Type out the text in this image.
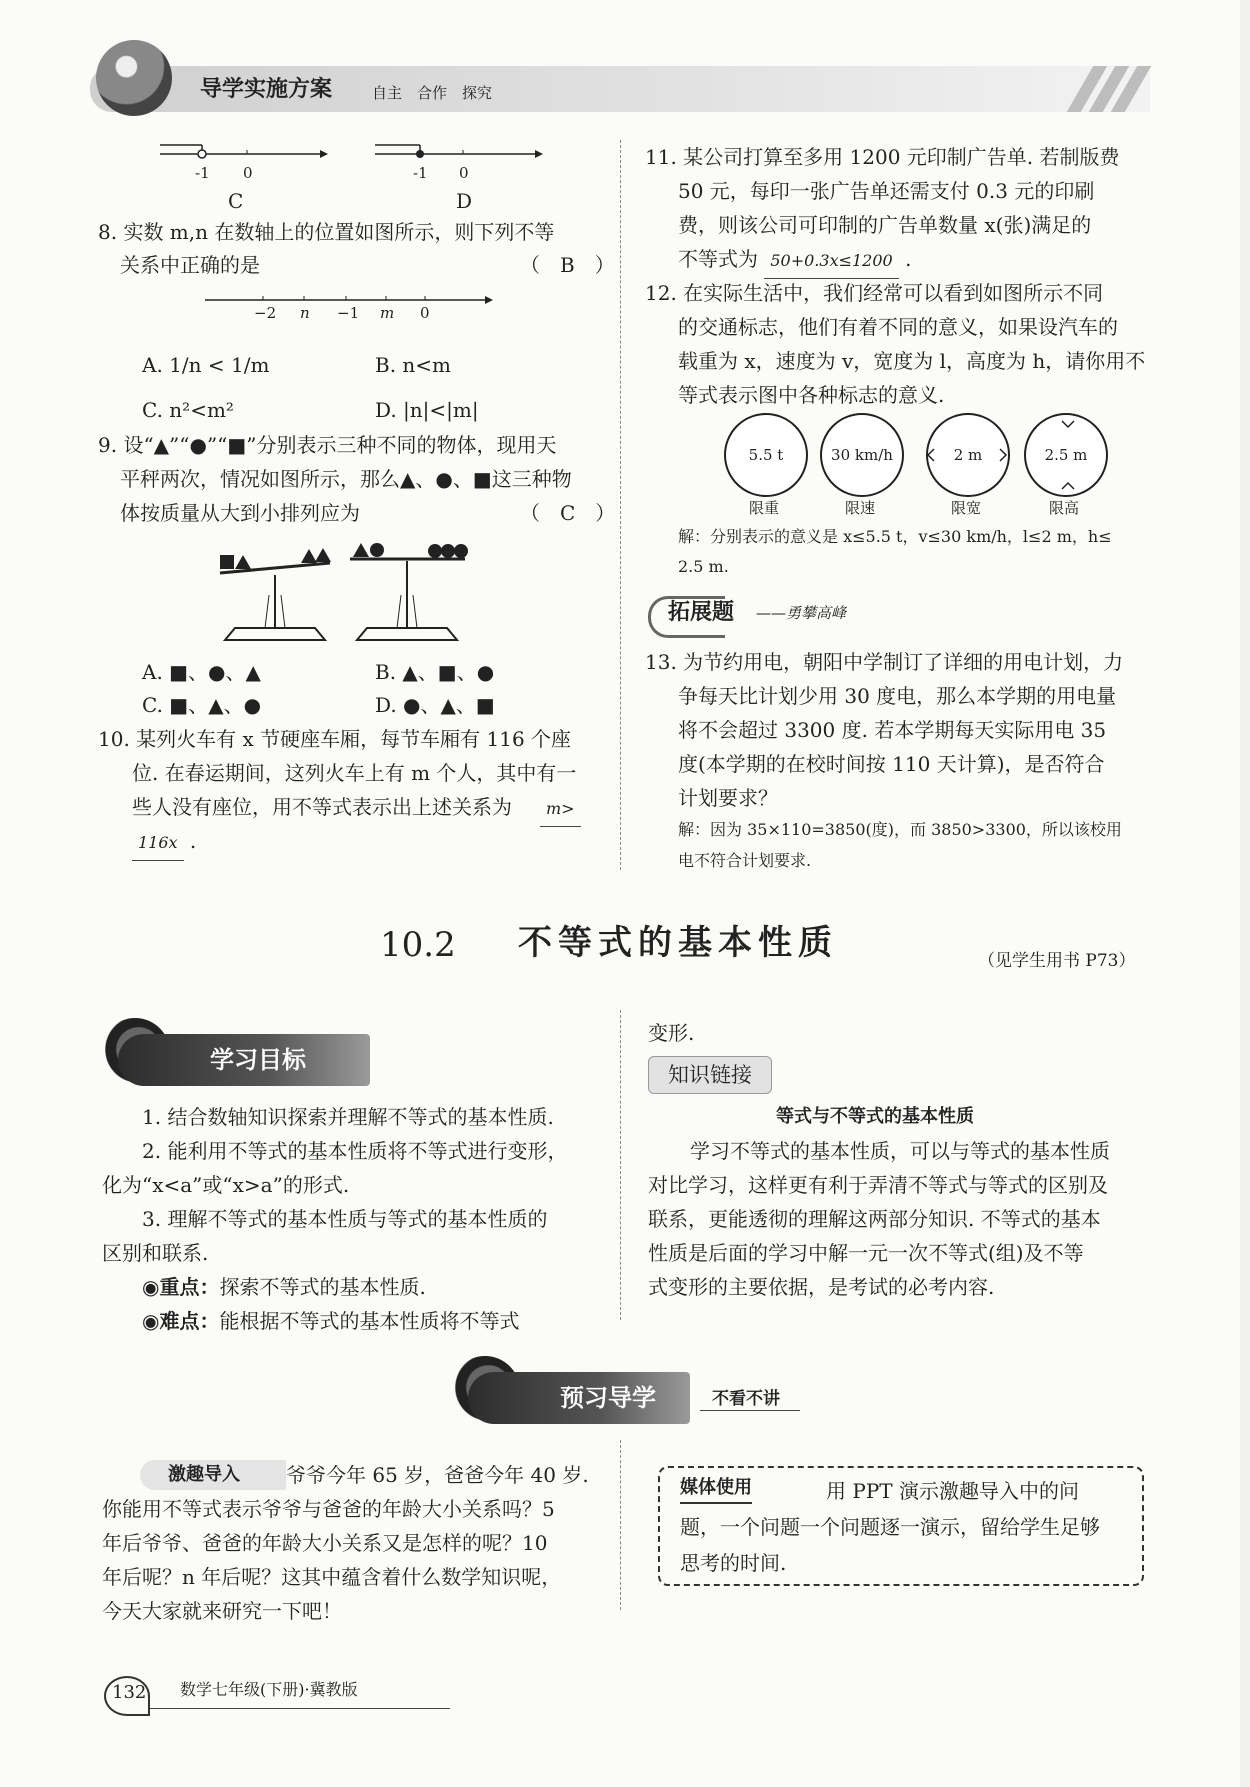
导学实施方案	自主　合作　探究
-1 0
C
-1 0
D
8. 实数 m,n 在数轴上的位置如图所示，则下列不等
关系中正确的是	（　B　）
−2 n −1 m 0
A. 1/n < 1/m	B. n<m
C. n²<m²	D. |n|<|m|
9. 设“▲”“●”“■”分别表示三种不同的物体，现用天
平秤两次，情况如图所示，那么▲、●、■这三种物
体按质量从大到小排列应为	（　C　）
A. ■、●、▲	B. ▲、■、●
C. ■、▲、●	D. ●、▲、■
10. 某列火车有 x 节硬座车厢，每节车厢有 116 个座
位. 在春运期间，这列火车上有 m 个人，其中有一
些人没有座位，用不等式表示出上述关系为	m>
116x .
11. 某公司打算至多用 1200 元印制广告单. 若制版费
50 元，每印一张广告单还需支付 0.3 元的印刷
费，则该公司可印制的广告单数量 x(张)满足的
不等式为 50+0.3x≤1200 .
12. 在实际生活中，我们经常可以看到如图所示不同
的交通标志，他们有着不同的意义，如果设汽车的
载重为 x，速度为 v，宽度为 l，高度为 h，请你用不
等式表示图中各种标志的意义.
5.5 t	30 km/h	2 m	2.5 m
限重	限速	限宽	限高
解：分别表示的意义是 x≤5.5 t，v≤30 km/h，l≤2 m，h≤
2.5 m.
拓展题 ——勇攀高峰
13. 为节约用电，朝阳中学制订了详细的用电计划，力
争每天比计划少用 30 度电，那么本学期的用电量
将不会超过 3300 度. 若本学期每天实际用电 35
度(本学期的在校时间按 110 天计算)，是否符合
计划要求？
解：因为 35×110=3850(度)，而 3850>3300，所以该校用
电不符合计划要求.
10.2 不等式的基本性质	（见学生用书 P73）
学习目标
1. 结合数轴知识探索并理解不等式的基本性质.
2. 能利用不等式的基本性质将不等式进行变形，
化为“x<a”或“x>a”的形式.
3. 理解不等式的基本性质与等式的基本性质的
区别和联系.
◉重点：探索不等式的基本性质.
◉难点：能根据不等式的基本性质将不等式
变形.
知识链接
等式与不等式的基本性质
学习不等式的基本性质，可以与等式的基本性质
对比学习，这样更有利于弄清不等式与等式的区别及
联系，更能透彻的理解这两部分知识. 不等式的基本
性质是后面的学习中解一元一次不等式(组)及不等
式变形的主要依据，是考试的必考内容.
预习导学	不看不讲
激趣导入	爷爷今年 65 岁，爸爸今年 40 岁.
你能用不等式表示爷爷与爸爸的年龄大小关系吗？5
年后爷爷、爸爸的年龄大小关系又是怎样的呢？10
年后呢？n 年后呢？这其中蕴含着什么数学知识呢，
今天大家就来研究一下吧！
媒体使用	用 PPT 演示激趣导入中的问
题，一个问题一个问题逐一演示，留给学生足够
思考的时间.
132 数学七年级(下册)·冀教版
